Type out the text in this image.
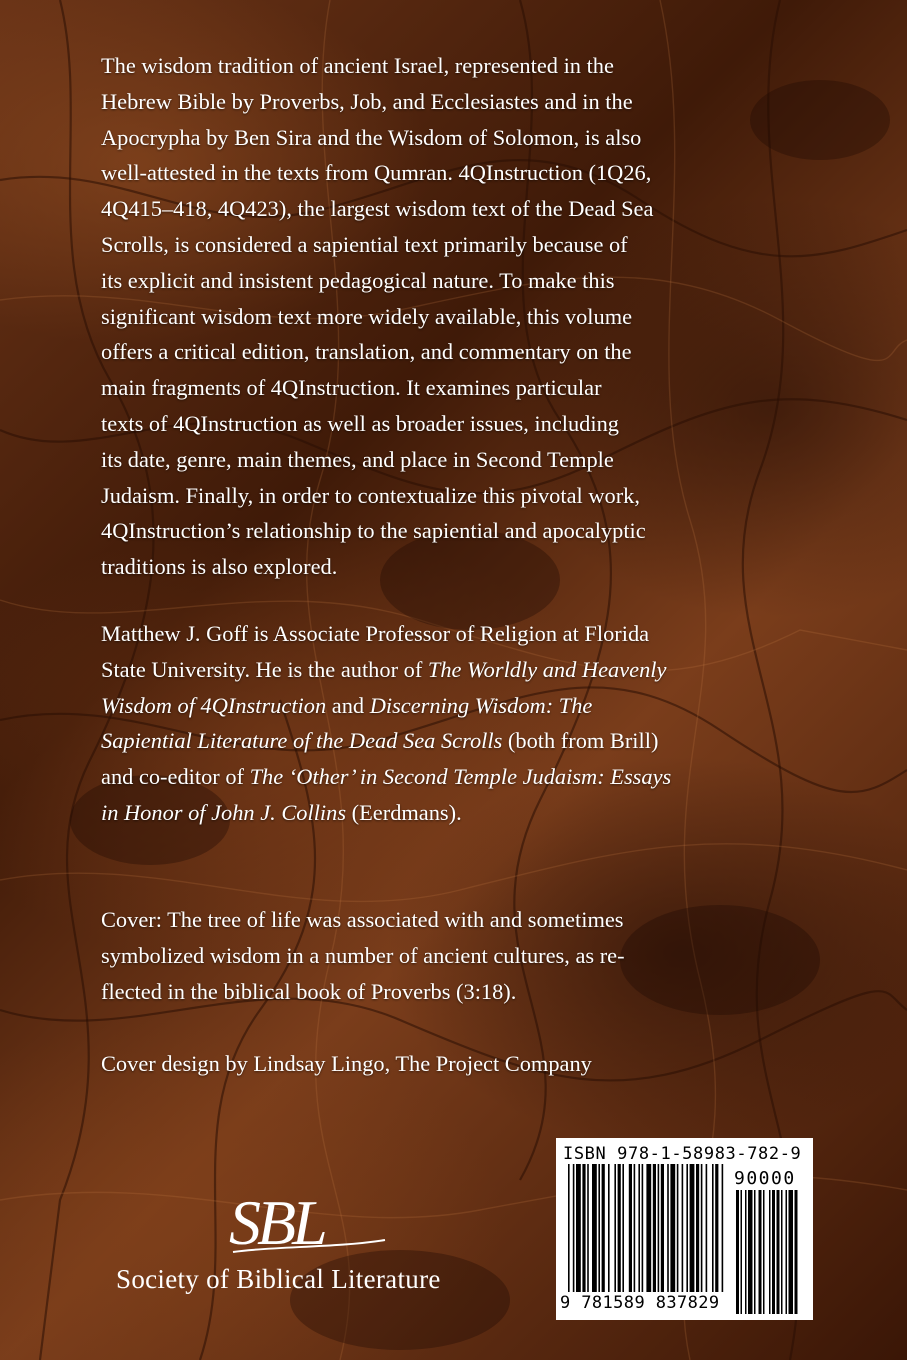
The wisdom tradition of ancient Israel, represented in the
Hebrew Bible by Proverbs, Job, and Ecclesiastes and in the
Apocrypha by Ben Sira and the Wisdom of Solomon, is also
well-attested in the texts from Qumran. 4QInstruction (1Q26,
4Q415–418, 4Q423), the largest wisdom text of the Dead Sea
Scrolls, is considered a sapiential text primarily because of
its explicit and insistent pedagogical nature. To make this
significant wisdom text more widely available, this volume
offers a critical edition, translation, and commentary on the
main fragments of 4QInstruction. It examines particular
texts of 4QInstruction as well as broader issues, including
its date, genre, main themes, and place in Second Temple
Judaism. Finally, in order to contextualize this pivotal work,
4QInstruction’s relationship to the sapiential and apocalyptic
traditions is also explored.

Matthew J. Goff is Associate Professor of Religion at Florida
State University. He is the author of The Worldly and Heavenly
Wisdom of 4QInstruction and Discerning Wisdom: The
Sapiential Literature of the Dead Sea Scrolls (both from Brill)
and co-editor of The ‘Other’ in Second Temple Judaism: Essays
in Honor of John J. Collins (Eerdmans).

Cover: The tree of life was associated with and sometimes
symbolized wisdom in a number of ancient cultures, as re-
flected in the biblical book of Proverbs (3:18).

Cover design by Lindsay Lingo, The Project Company

SBL

Society of Biblical Literature

ISBN 978-1-58983-782-9
90000
9 781589 837829
